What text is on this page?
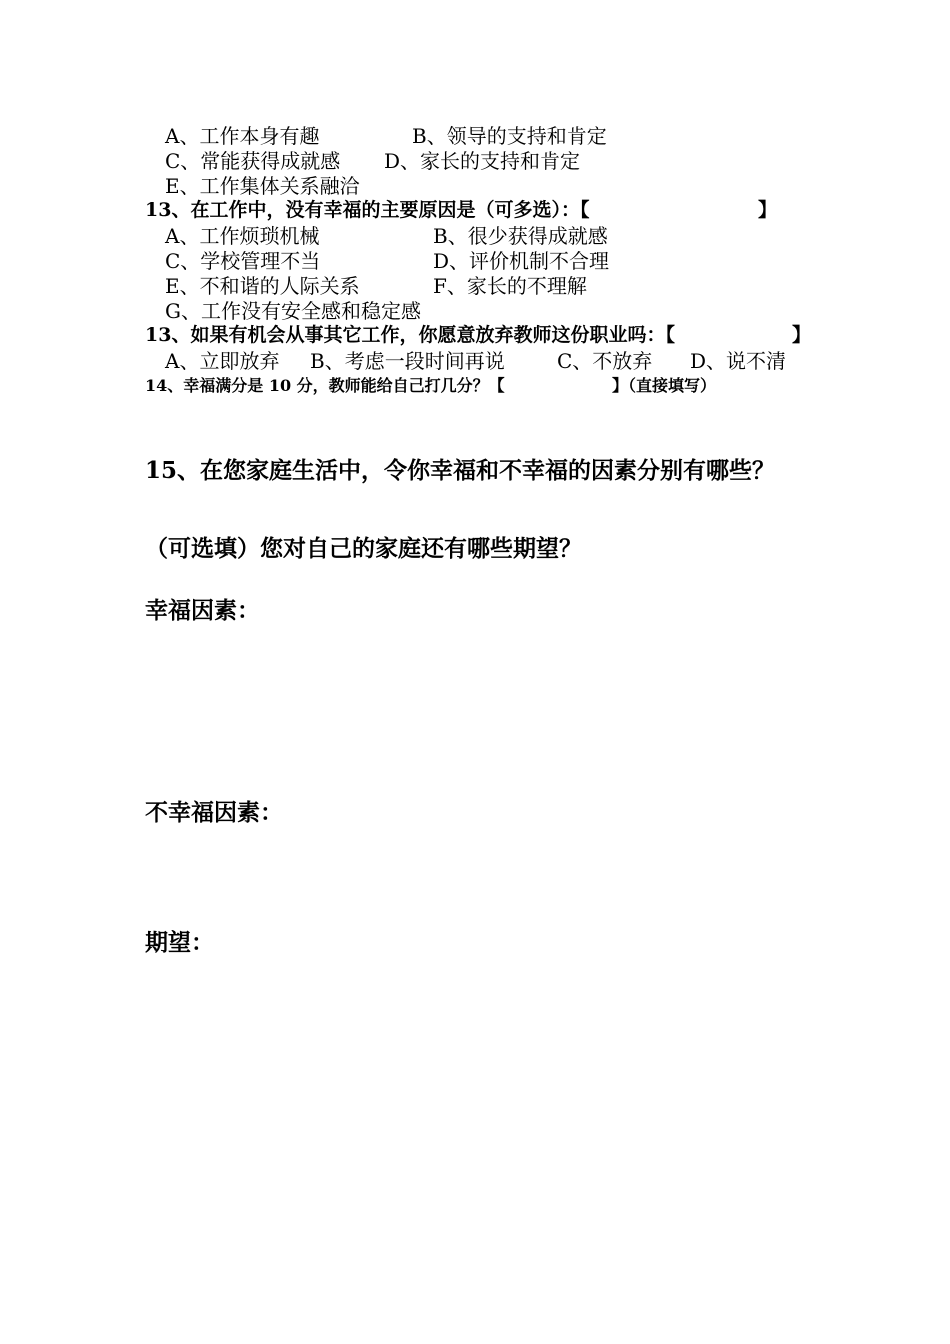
A、工作本身有趣	B、领导的支持和肯定
C、常能获得成就感 D、家长的支持和肯定
E、工作集体关系融洽
13、在工作中，没有幸福的主要原因是（可多选）：【	】
A、工作烦琐机械	B、很少获得成就感
C、学校管理不当	D、评价机制不合理
E、不和谐的人际关系	F、家长的不理解
G、工作没有安全感和稳定感
13、如果有机会从事其它工作，你愿意放弃教师这份职业吗：【	】
A、立即放弃 B、考虑一段时间再说	C、不放弃 D、说不清
14、幸福满分是 10 分，教师能给自己打几分？【	】（直接填写）
15、在您家庭生活中，令你幸福和不幸福的因素分别有哪些？
（可选填）您对自己的家庭还有哪些期望？
幸福因素：
不幸福因素：
期望：
